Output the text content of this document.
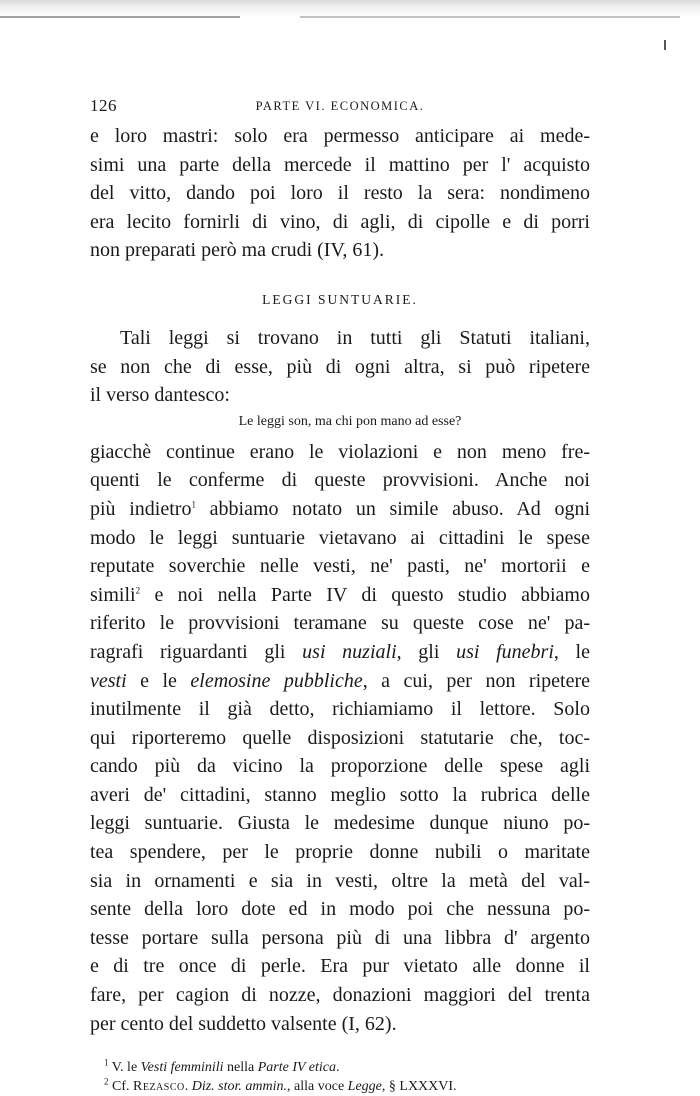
126	PARTE VI. ECONOMICA.
e loro mastri: solo era permesso anticipare ai mede-
simi una parte della mercede il mattino per l' acquisto
del vitto, dando poi loro il resto la sera: nondimeno
era lecito fornirli di vino, di agli, di cipolle e di porri
non preparati però ma crudi (IV, 61).
LEGGI SUNTUARIE.
Tali leggi si trovano in tutti gli Statuti italiani,
se non che di esse, più di ogni altra, si può ripetere
il verso dantesco:
Le leggi son, ma chi pon mano ad esse?
giacchè continue erano le violazioni e non meno fre-
quenti le conferme di queste provvisioni. Anche noi
più indietro$^1$ abbiamo notato un simile abuso. Ad ogni
modo le leggi suntuarie vietavano ai cittadini le spese
reputate soverchie nelle vesti, ne' pasti, ne' mortorii e
simili$^2$ e noi nella Parte IV di questo studio abbiamo
riferito le provvisioni teramane su queste cose ne' pa-
ragrafi riguardanti gli usi nuziali, gli usi funebri, le
vesti e le elemosine pubbliche, a cui, per non ripetere
inutilmente il già detto, richiamiamo il lettore. Solo
qui riporteremo quelle disposizioni statutarie che, toc-
cando più da vicino la proporzione delle spese agli
averi de' cittadini, stanno meglio sotto la rubrica delle
leggi suntuarie. Giusta le medesime dunque niuno po-
tea spendere, per le proprie donne nubili o maritate
sia in ornamenti e sia in vesti, oltre la metà del val-
sente della loro dote ed in modo poi che nessuna po-
tesse portare sulla persona più di una libbra d' argento
e di tre once di perle. Era pur vietato alle donne il
fare, per cagion di nozze, donazioni maggiori del trenta
per cento del suddetto valsente (I, 62).
$^1$ V. le Vesti femminili nella Parte IV etica.
$^2$ Cf. Rezasco. Diz. stor. ammin., alla voce Legge, § LXXXVI.
